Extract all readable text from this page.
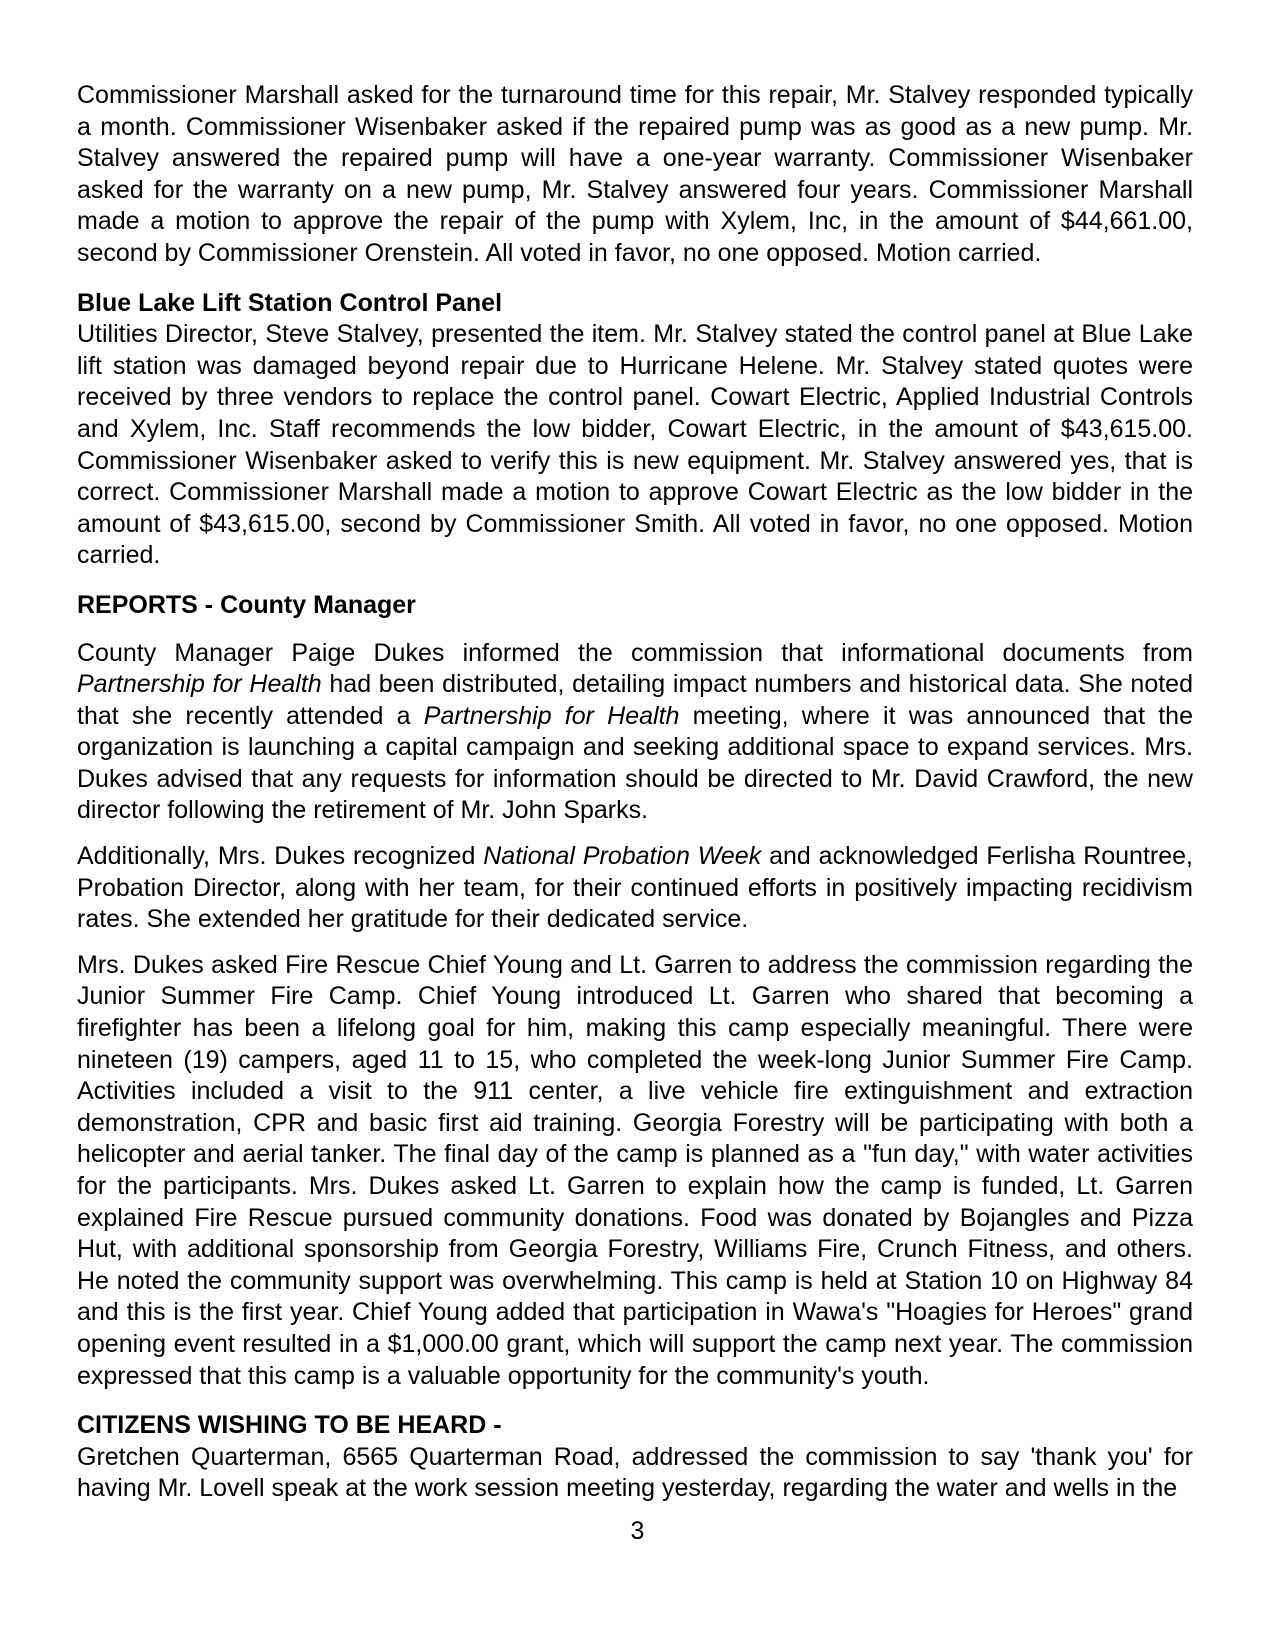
Commissioner Marshall asked for the turnaround time for this repair, Mr. Stalvey responded typically a month. Commissioner Wisenbaker asked if the repaired pump was as good as a new pump. Mr. Stalvey answered the repaired pump will have a one-year warranty. Commissioner Wisenbaker asked for the warranty on a new pump, Mr. Stalvey answered four years. Commissioner Marshall made a motion to approve the repair of the pump with Xylem, Inc, in the amount of $44,661.00, second by Commissioner Orenstein. All voted in favor, no one opposed. Motion carried.

Blue Lake Lift Station Control Panel

Utilities Director, Steve Stalvey, presented the item. Mr. Stalvey stated the control panel at Blue Lake lift station was damaged beyond repair due to Hurricane Helene. Mr. Stalvey stated quotes were received by three vendors to replace the control panel. Cowart Electric, Applied Industrial Controls and Xylem, Inc. Staff recommends the low bidder, Cowart Electric, in the amount of $43,615.00. Commissioner Wisenbaker asked to verify this is new equipment. Mr. Stalvey answered yes, that is correct. Commissioner Marshall made a motion to approve Cowart Electric as the low bidder in the amount of $43,615.00, second by Commissioner Smith. All voted in favor, no one opposed. Motion carried.

REPORTS - County Manager

County Manager Paige Dukes informed the commission that informational documents from Partnership for Health had been distributed, detailing impact numbers and historical data. She noted that she recently attended a Partnership for Health meeting, where it was announced that the organization is launching a capital campaign and seeking additional space to expand services. Mrs. Dukes advised that any requests for information should be directed to Mr. David Crawford, the new director following the retirement of Mr. John Sparks.

Additionally, Mrs. Dukes recognized National Probation Week and acknowledged Ferlisha Rountree, Probation Director, along with her team, for their continued efforts in positively impacting recidivism rates. She extended her gratitude for their dedicated service.

Mrs. Dukes asked Fire Rescue Chief Young and Lt. Garren to address the commission regarding the Junior Summer Fire Camp. Chief Young introduced Lt. Garren who shared that becoming a firefighter has been a lifelong goal for him, making this camp especially meaningful. There were nineteen (19) campers, aged 11 to 15, who completed the week-long Junior Summer Fire Camp. Activities included a visit to the 911 center, a live vehicle fire extinguishment and extraction demonstration, CPR and basic first aid training. Georgia Forestry will be participating with both a helicopter and aerial tanker. The final day of the camp is planned as a "fun day," with water activities for the participants. Mrs. Dukes asked Lt. Garren to explain how the camp is funded, Lt. Garren explained Fire Rescue pursued community donations. Food was donated by Bojangles and Pizza Hut, with additional sponsorship from Georgia Forestry, Williams Fire, Crunch Fitness, and others. He noted the community support was overwhelming. This camp is held at Station 10 on Highway 84 and this is the first year. Chief Young added that participation in Wawa's "Hoagies for Heroes" grand opening event resulted in a $1,000.00 grant, which will support the camp next year. The commission expressed that this camp is a valuable opportunity for the community's youth.

CITIZENS WISHING TO BE HEARD -

Gretchen Quarterman, 6565 Quarterman Road, addressed the commission to say 'thank you' for having Mr. Lovell speak at the work session meeting yesterday, regarding the water and wells in the

3
